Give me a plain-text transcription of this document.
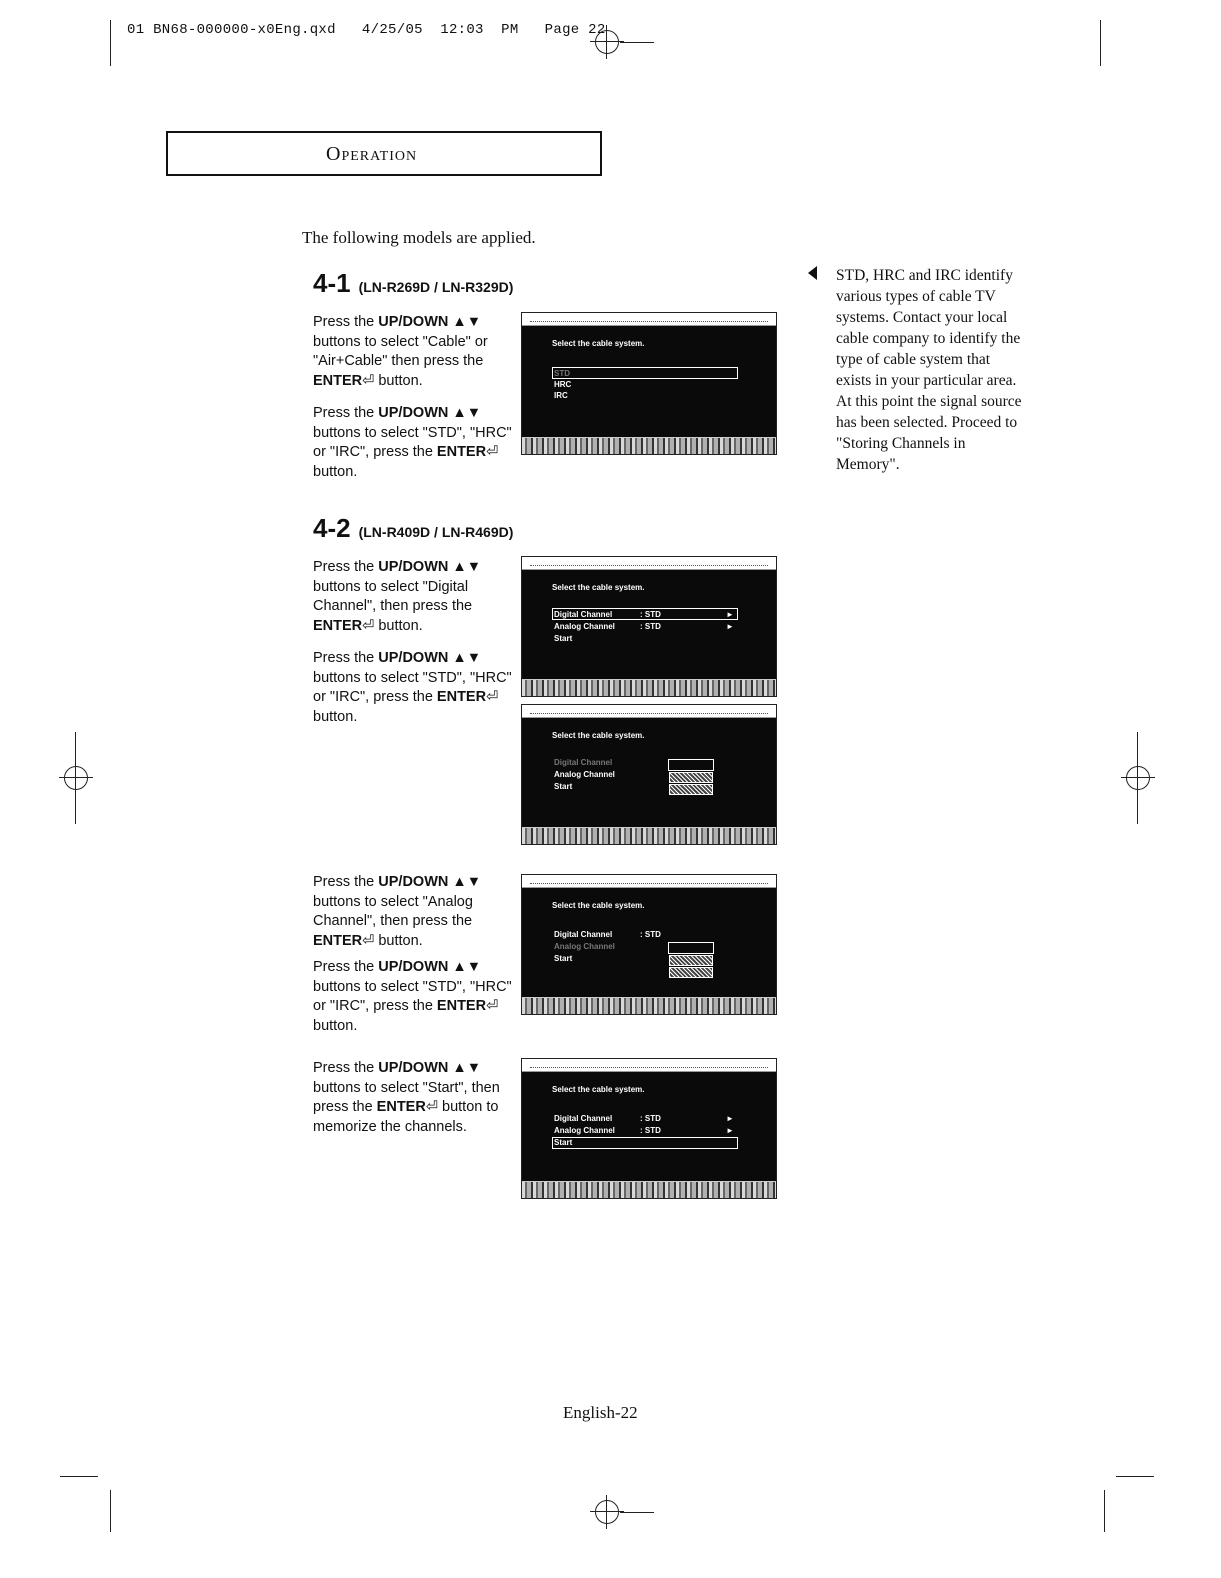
01 BN68-000000-x0Eng.qxd   4/25/05  12:03  PM   Page 22
Operation
The following models are applied.
4-1 (LN-R269D / LN-R329D)
Press the UP/DOWN ▲▼ buttons to select "Cable" or "Air+Cable" then press the ENTER⏎ button.
Press the UP/DOWN ▲▼ buttons to select "STD", "HRC" or "IRC", press the ENTER⏎ button.
Select the cable system.
STD
HRC
IRC
4-2 (LN-R409D / LN-R469D)
Press the UP/DOWN ▲▼ buttons to select "Digital Channel", then press the ENTER⏎ button.
Press the UP/DOWN ▲▼ buttons to select "STD", "HRC" or "IRC", press the ENTER⏎ button.
Press the UP/DOWN ▲▼ buttons to select "Analog Channel", then press the ENTER⏎ button.
Press the UP/DOWN ▲▼ buttons to select "STD", "HRC" or "IRC", press the ENTER⏎ button.
Press the UP/DOWN ▲▼ buttons to select "Start", then press the ENTER⏎ button to memorize the channels.
Select the cable system.
Digital Channel	: STD	►
Analog Channel	: STD	►
Start
Select the cable system.
Digital Channel
Analog Channel
Start
Select the cable system.
Digital Channel	: STD
Analog Channel
Start
Select the cable system.
Digital Channel	: STD	►
Analog Channel	: STD	►
Start
STD, HRC and IRC identify various types of cable TV systems. Contact your local cable company to identify the type of cable system that exists in your particular area. At this point the signal source has been selected. Proceed to "Storing Channels in Memory".
English-22
